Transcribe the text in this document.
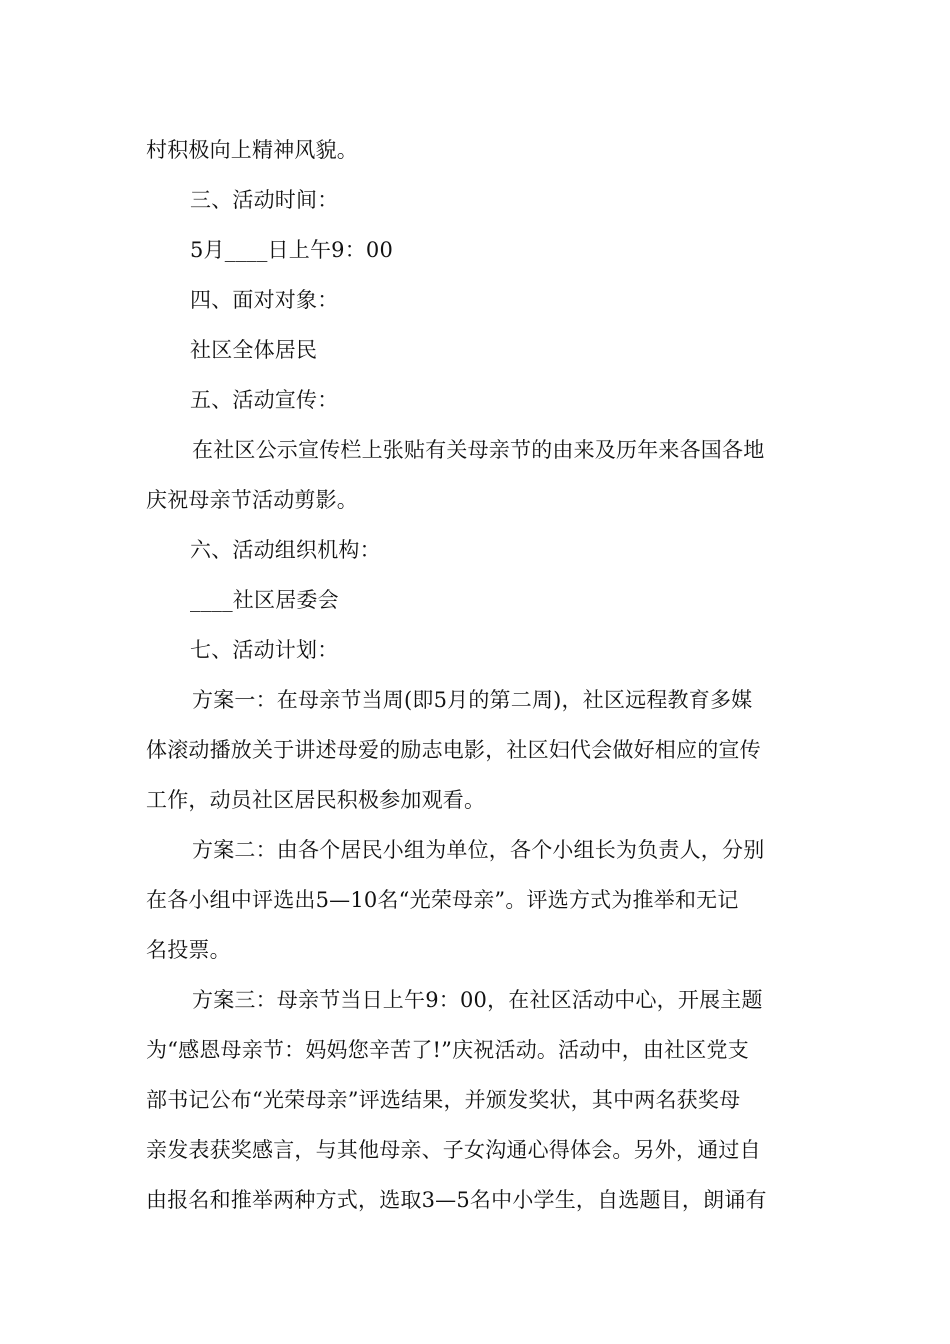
村积极向上精神风貌。
三、活动时间：
5月____日上午9：00
四、面对对象：
社区全体居民
五、活动宣传：
在社区公示宣传栏上张贴有关母亲节的由来及历年来各国各地
庆祝母亲节活动剪影。
六、活动组织机构：
____社区居委会
七、活动计划：
方案一：在母亲节当周(即5月的第二周)，社区远程教育多媒
体滚动播放关于讲述母爱的励志电影，社区妇代会做好相应的宣传
工作，动员社区居民积极参加观看。
方案二：由各个居民小组为单位，各个小组长为负责人，分别
在各小组中评选出5—10名“光荣母亲”。评选方式为推举和无记
名投票。
方案三：母亲节当日上午9：00，在社区活动中心，开展主题
为“感恩母亲节：妈妈您辛苦了!”庆祝活动。活动中，由社区党支
部书记公布“光荣母亲”评选结果，并颁发奖状，其中两名获奖母
亲发表获奖感言，与其他母亲、子女沟通心得体会。另外，通过自
由报名和推举两种方式，选取3—5名中小学生，自选题目，朗诵有
